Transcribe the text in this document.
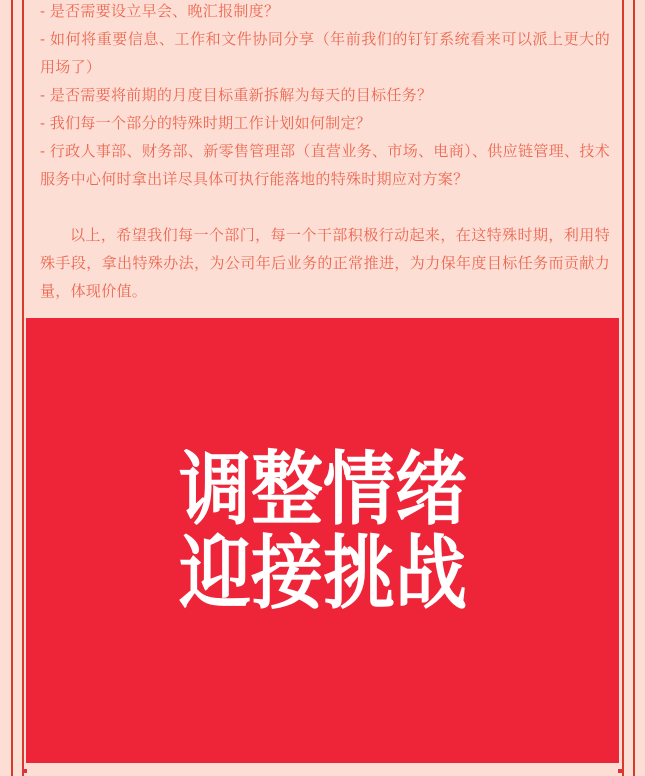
- 是否需要设立早会、晚汇报制度？

- 如何将重要信息、工作和文件协同分享（年前我们的钉钉系统看来可以派上更大的用场了）

- 是否需要将前期的月度目标重新拆解为每天的目标任务？

- 我们每一个部分的特殊时期工作计划如何制定？

- 行政人事部、财务部、新零售管理部（直营业务、市场、电商）、供应链管理、技术服务中心何时拿出详尽具体可执行能落地的特殊时期应对方案？

以上，希望我们每一个部门，每一个干部积极行动起来，在这特殊时期，利用特殊手段，拿出特殊办法，为公司年后业务的正常推进，为力保年度目标任务而贡献力量，体现价值。

调整情绪
迎接挑战
